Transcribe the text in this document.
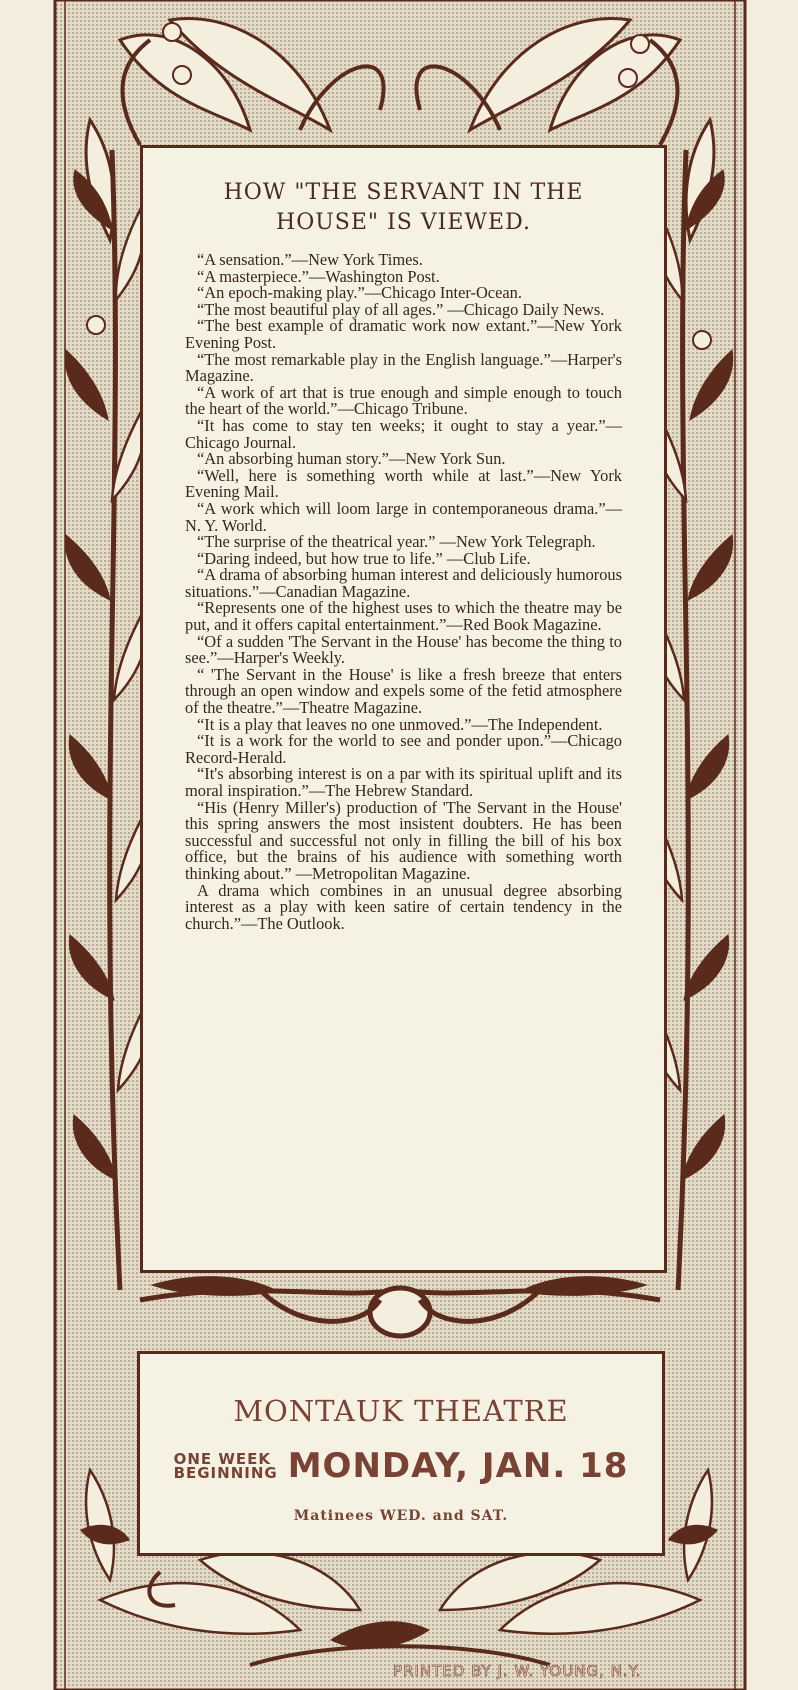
HOW "THE SERVANT IN THE HOUSE" IS VIEWED.

“A sensation.”—New York Times.

“A masterpiece.”—Washington Post.

“An epoch-making play.”—Chicago Inter-Ocean.

“The most beautiful play of all ages.” —Chicago Daily News.

“The best example of dramatic work now extant.”—New York Evening Post.

“The most remarkable play in the English language.”—Harper's Magazine.

“A work of art that is true enough and simple enough to touch the heart of the world.”—Chicago Tribune.

“It has come to stay ten weeks; it ought to stay a year.”—Chicago Journal.

“An absorbing human story.”—New York Sun.

“Well, here is something worth while at last.”—New York Evening Mail.

“A work which will loom large in contemporaneous drama.”—N. Y. World.

“The surprise of the theatrical year.” —New York Telegraph.

“Daring indeed, but how true to life.” —Club Life.

“A drama of absorbing human interest and deliciously humorous situations.”—Canadian Magazine.

“Represents one of the highest uses to which the theatre may be put, and it offers capital entertainment.”—Red Book Magazine.

“Of a sudden 'The Servant in the House' has become the thing to see.”—Harper's Weekly.

“ 'The Servant in the House' is like a fresh breeze that enters through an open window and expels some of the fetid atmosphere of the theatre.”—Theatre Magazine.

“It is a play that leaves no one unmoved.”—The Independent.

“It is a work for the world to see and ponder upon.”—Chicago Record-Herald.

“It's absorbing interest is on a par with its spiritual uplift and its moral inspiration.”—The Hebrew Standard.

“His (Henry Miller's) production of 'The Servant in the House' this spring answers the most insistent doubters. He has been successful and successful not only in filling the bill of his box office, but the brains of his audience with something worth thinking about.” —Metropolitan Magazine.

A drama which combines in an unusual degree absorbing interest as a play with keen satire of certain tendency in the church.”—The Outlook.

MONTAUK THEATRE
ONE WEEK
BEGINNING MONDAY, JAN. 18
Matinees WED. and SAT.
PRINTED BY J. W. YOUNG, N.Y.
